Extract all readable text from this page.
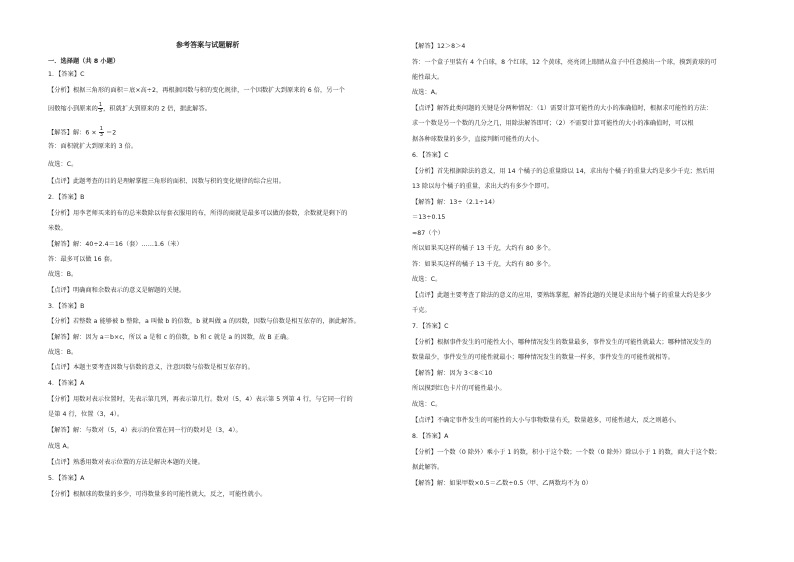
参考答案与试题解析
一．选择题（共 8 小题）
1．【答案】C
【分析】根据三角形的面积＝底×高÷2，再根据因数与积的变化规律，一个因数扩大到原来的 6 倍，另一个
因数缩小到原来的 $\frac{1}{3}$ ，积就扩大到原来的 2 倍，据此解答。
【解答】解：$6 \times \frac{1}{3} =2$
答：面积就扩大到原来的 3 倍。
故选：C。
【点评】此题考查的目的是理解掌握三角形的面积、因数与积的变化规律的综合应用。
2．【答案】B
【分析】用李老师买来的布的总米数除以每套衣服用的布，所得的商就是最多可以做的套数，余数就是剩下的
米数。
【解答】解：40÷2.4＝16（套）……1.6（米）
答：最多可以做 16 套。
故选：B。
【点评】明确商和余数表示的意义是解题的关键。
3．【答案】B
【分析】若整数 a 能够被 b 整除，a 叫做 b 的倍数，b 就叫做 a 的因数，因数与倍数是相互依存的，据此解答。
【解答】解：因为 a＝b×c，所以 a 是和 c 的倍数，b 和 c 就是 a 的因数，故 B 正确。
故选：B。
【点评】本题主要考查因数与倍数的意义，注意因数与倍数是相互依存的。
4．【答案】A
【分析】用数对表示位置时，先表示第几列，再表示第几行。数对（5，4）表示第 5 列第 4 行，与它同一行的
是第 4 行，位置（3，4）。
【解答】解：与数对（5，4）表示的位置在同一行的数对是（3，4）。
故选 A。
【点评】熟悉用数对表示位置的方法是解决本题的关键。
5．【答案】A
【分析】根据球的数量的多少，可得数量多的可能性就大，反之，可能性就小。
【解答】12＞8＞4
答：一个盒子里装有 4 个白球，8 个红球，12 个黄球，亮亮闭上眼睛从盒子中任意摸出一个球，摸到黄球的可
能性最大。
故选：A。
【点评】解答此类问题的关键是分两种情况：（1）需要计算可能性的大小的准确值时，根据求可能性的方法：
求一个数是另一个数的几分之几，用除法解答即可；（2）不需要计算可能性的大小的准确值时，可以根
据各种球数量的多少，直接判断可能性的大小。
6．【答案】C
【分析】首先根据除法的意义，用 14 个橘子的总重量除以 14，求出每个橘子的重量大约是多少千克；然后用
13 除以每个橘子的重量，求出大约有多少个即可。
【解答】解：13÷（2.1÷14）
＝13÷0.15
≈87（个）
所以如果买这样的橘子 13 千克，大约有 80 多个。
答：如果买这样的橘子 13 千克，大约有 80 多个。
故选：C。
【点评】此题主要考查了除法的意义的应用，要熟练掌握，解答此题的关键是求出每个橘子的重量大约是多少
千克。
7．【答案】C
【分析】根据事件发生的可能性大小，哪种情况发生的数量最多，事件发生的可能性就最大；哪种情况发生的
数量最少，事件发生的可能性就最小；哪种情况发生的数量一样多，事件发生的可能性就相等。
【解答】解：因为 3＜8＜10
所以摸到红色卡片的可能性最小。
故选：C。
【点评】不确定事件发生的可能性的大小与事物数量有关，数量越多，可能性越大，反之则越小。
8．【答案】A
【分析】一个数（0 除外）乘小于 1 的数，积小于这个数；一个数（0 除外）除以小于 1 的数，商大于这个数；
据此解答。
【解答】解：如果甲数×0.5＝乙数÷0.5（甲、乙两数均不为 0）
